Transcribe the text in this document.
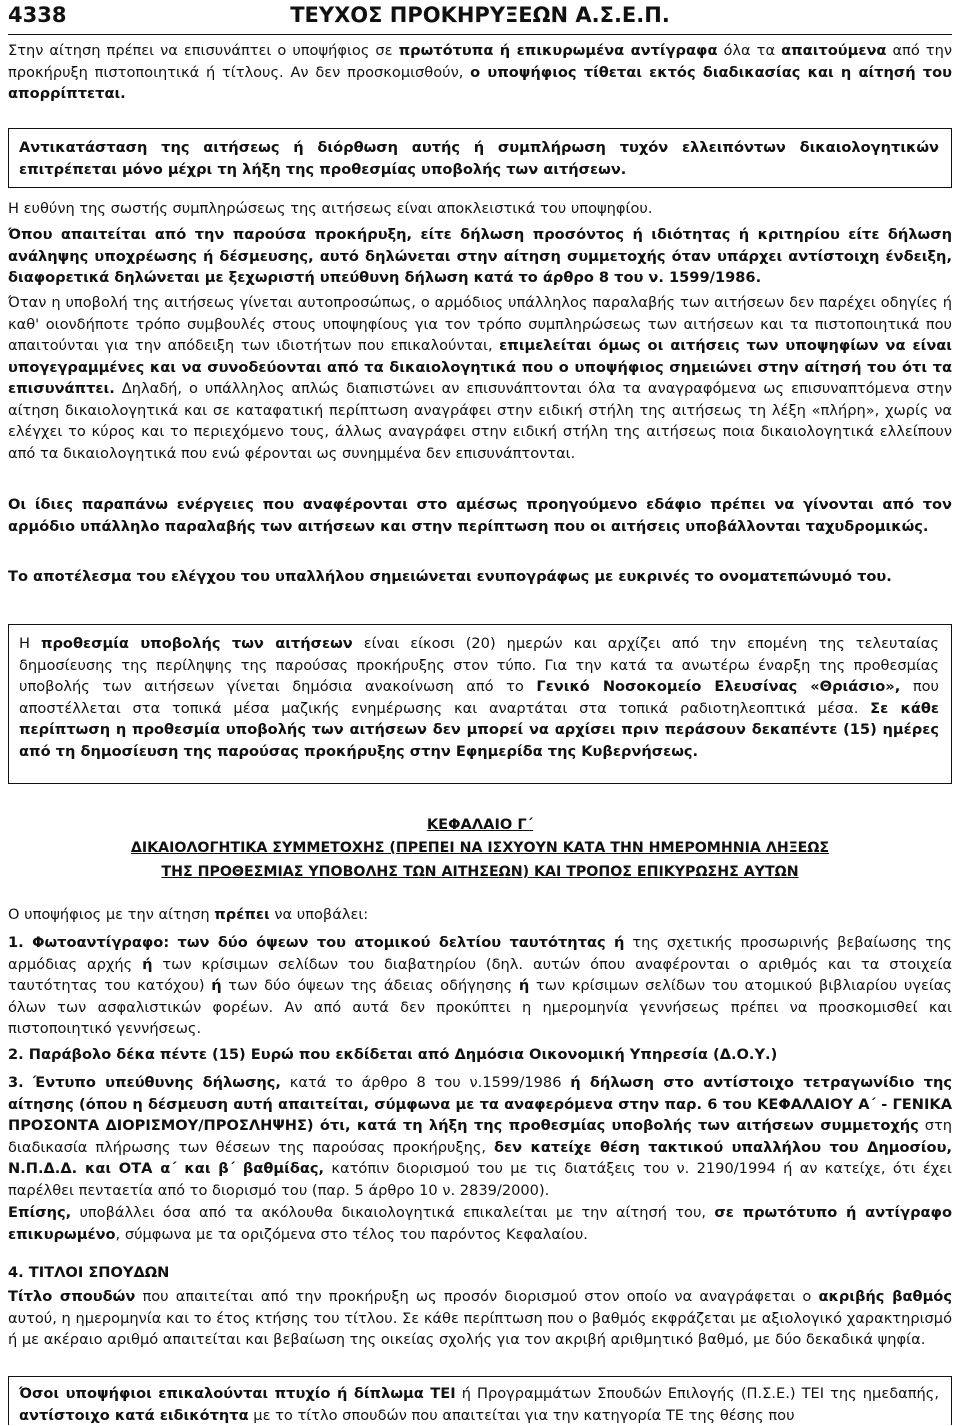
4338	ΤΕΥΧΟΣ ΠΡΟΚΗΡΥΞΕΩΝ Α.Σ.Ε.Π.

Στην αίτηση πρέπει να επισυνάπτει ο υποψήφιος σε πρωτότυπα ή επικυρωμένα αντίγραφα όλα τα απαιτούμενα από την προκήρυξη πιστοποιητικά ή τίτλους. Αν δεν προσκομισθούν, ο υποψήφιος τίθεται εκτός διαδικασίας και η αίτησή του απορρίπτεται.

Αντικατάσταση της αιτήσεως ή διόρθωση αυτής ή συμπλήρωση τυχόν ελλειπόντων δικαιολογητικών επιτρέπεται μόνο μέχρι τη λήξη της προθεσμίας υποβολής των αιτήσεων.

Η ευθύνη της σωστής συμπληρώσεως της αιτήσεως είναι αποκλειστικά του υποψηφίου.

Όπου απαιτείται από την παρούσα προκήρυξη, είτε δήλωση προσόντος ή ιδιότητας ή κριτηρίου είτε δήλωση ανάληψης υποχρέωσης ή δέσμευσης, αυτό δηλώνεται στην αίτηση συμμετοχής όταν υπάρχει αντίστοιχη ένδειξη, διαφορετικά δηλώνεται με ξεχωριστή υπεύθυνη δήλωση κατά το άρθρο 8 του ν. 1599/1986.

Όταν η υποβολή της αιτήσεως γίνεται αυτοπροσώπως, ο αρμόδιος υπάλληλος παραλαβής των αιτήσεων δεν παρέχει οδηγίες ή καθ' οιονδήποτε τρόπο συμβουλές στους υποψηφίους για τον τρόπο συμπληρώσεως των αιτήσεων και τα πιστοποιητικά που απαιτούνται για την απόδειξη των ιδιοτήτων που επικαλούνται, επιμελείται όμως οι αιτήσεις των υποψηφίων να είναι υπογεγραμμένες και να συνοδεύονται από τα δικαιολογητικά που ο υποψήφιος σημειώνει στην αίτησή του ότι τα επισυνάπτει. Δηλαδή, ο υπάλληλος απλώς διαπιστώνει αν επισυνάπτονται όλα τα αναγραφόμενα ως επισυναπτόμενα στην αίτηση δικαιολογητικά και σε καταφατική περίπτωση αναγράφει στην ειδική στήλη της αιτήσεως τη λέξη «πλήρη», χωρίς να ελέγχει το κύρος και το περιεχόμενο τους, άλλως αναγράφει στην ειδική στήλη της αιτήσεως ποια δικαιολογητικά ελλείπουν από τα δικαιολογητικά που ενώ φέρονται ως συνημμένα δεν επισυνάπτονται.

Οι ίδιες παραπάνω ενέργειες που αναφέρονται στο αμέσως προηγούμενο εδάφιο πρέπει να γίνονται από τον αρμόδιο υπάλληλο παραλαβής των αιτήσεων και στην περίπτωση που οι αιτήσεις υποβάλλονται ταχυδρομικώς.

Το αποτέλεσμα του ελέγχου του υπαλλήλου σημειώνεται ενυπογράφως με ευκρινές το ονοματεπώνυμό του.

Η προθεσμία υποβολής των αιτήσεων είναι είκοσι (20) ημερών και αρχίζει από την επομένη της τελευταίας δημοσίευσης της περίληψης της παρούσας προκήρυξης στον τύπο. Για την κατά τα ανωτέρω έναρξη της προθεσμίας υποβολής των αιτήσεων γίνεται δημόσια ανακοίνωση από το Γενικό Νοσοκομείο Ελευσίνας «Θριάσιο», που αποστέλλεται στα τοπικά μέσα μαζικής ενημέρωσης και αναρτάται στα τοπικά ραδιοτηλεοπτικά μέσα. Σε κάθε περίπτωση η προθεσμία υποβολής των αιτήσεων δεν μπορεί να αρχίσει πριν περάσουν δεκαπέντε (15) ημέρες από τη δημοσίευση της παρούσας προκήρυξης στην Εφημερίδα της Κυβερνήσεως.

ΚΕΦΑΛΑΙΟ Γ΄

ΔΙΚΑΙΟΛΟΓΗΤΙΚΑ ΣΥΜΜΕΤΟΧΗΣ (ΠΡΕΠΕΙ ΝΑ ΙΣΧΥΟΥΝ ΚΑΤΑ ΤΗΝ ΗΜΕΡΟΜΗΝΙΑ ΛΗΞΕΩΣ

ΤΗΣ ΠΡΟΘΕΣΜΙΑΣ ΥΠΟΒΟΛΗΣ ΤΩΝ ΑΙΤΗΣΕΩΝ) ΚΑΙ ΤΡΟΠΟΣ ΕΠΙΚΥΡΩΣΗΣ ΑΥΤΩΝ

Ο υποψήφιος με την αίτηση πρέπει να υποβάλει:

1. Φωτοαντίγραφο: των δύο όψεων του ατομικού δελτίου ταυτότητας ή της σχετικής προσωρινής βεβαίωσης της αρμόδιας αρχής ή των κρίσιμων σελίδων του διαβατηρίου (δηλ. αυτών όπου αναφέρονται ο αριθμός και τα στοιχεία ταυτότητας του κατόχου) ή των δύο όψεων της άδειας οδήγησης ή των κρίσιμων σελίδων του ατομικού βιβλιαρίου υγείας όλων των ασφαλιστικών φορέων. Αν από αυτά δεν προκύπτει η ημερομηνία γεννήσεως πρέπει να προσκομισθεί και πιστοποιητικό γεννήσεως.

2. Παράβολο δέκα πέντε (15) Ευρώ που εκδίδεται από Δημόσια Οικονομική Υπηρεσία (Δ.Ο.Υ.)

3. Έντυπο υπεύθυνης δήλωσης, κατά το άρθρο 8 του ν.1599/1986 ή δήλωση στο αντίστοιχο τετραγωνίδιο της αίτησης (όπου η δέσμευση αυτή απαιτείται, σύμφωνα με τα αναφερόμενα στην παρ. 6 του ΚΕΦΑΛΑΙΟΥ Α΄ - ΓΕΝΙΚΑ ΠΡΟΣΟΝΤΑ ΔΙΟΡΙΣΜΟΥ/ΠΡΟΣΛΗΨΗΣ) ότι, κατά τη λήξη της προθεσμίας υποβολής των αιτήσεων συμμετοχής στη διαδικασία πλήρωσης των θέσεων της παρούσας προκήρυξης, δεν κατείχε θέση τακτικού υπαλλήλου του Δημοσίου, Ν.Π.Δ.Δ. και ΟΤΑ α΄ και β΄ βαθμίδας, κατόπιν διορισμού του με τις διατάξεις του ν. 2190/1994 ή αν κατείχε, ότι έχει παρέλθει πενταετία από το διορισμό του (παρ. 5 άρθρο 10 ν. 2839/2000).

Επίσης, υποβάλλει όσα από τα ακόλουθα δικαιολογητικά επικαλείται με την αίτησή του, σε πρωτότυπο ή αντίγραφο επικυρωμένο, σύμφωνα με τα οριζόμενα στο τέλος του παρόντος Κεφαλαίου.

4. ΤΙΤΛΟΙ ΣΠΟΥΔΩΝ

Τίτλο σπουδών που απαιτείται από την προκήρυξη ως προσόν διορισμού στον οποίο να αναγράφεται ο ακριβής βαθμός αυτού, η ημερομηνία και το έτος κτήσης του τίτλου. Σε κάθε περίπτωση που ο βαθμός εκφράζεται με αξιολογικό χαρακτηρισμό ή με ακέραιο αριθμό απαιτείται και βεβαίωση της οικείας σχολής για τον ακριβή αριθμητικό βαθμό, με δύο δεκαδικά ψηφία.

Όσοι υποψήφιοι επικαλούνται πτυχίο ή δίπλωμα ΤΕΙ ή Προγραμμάτων Σπουδών Επιλογής (Π.Σ.Ε.) ΤΕΙ της ημεδαπής, αντίστοιχο κατά ειδικότητα με το τίτλο σπουδών που απαιτείται για την κατηγορία ΤΕ της θέσης που
